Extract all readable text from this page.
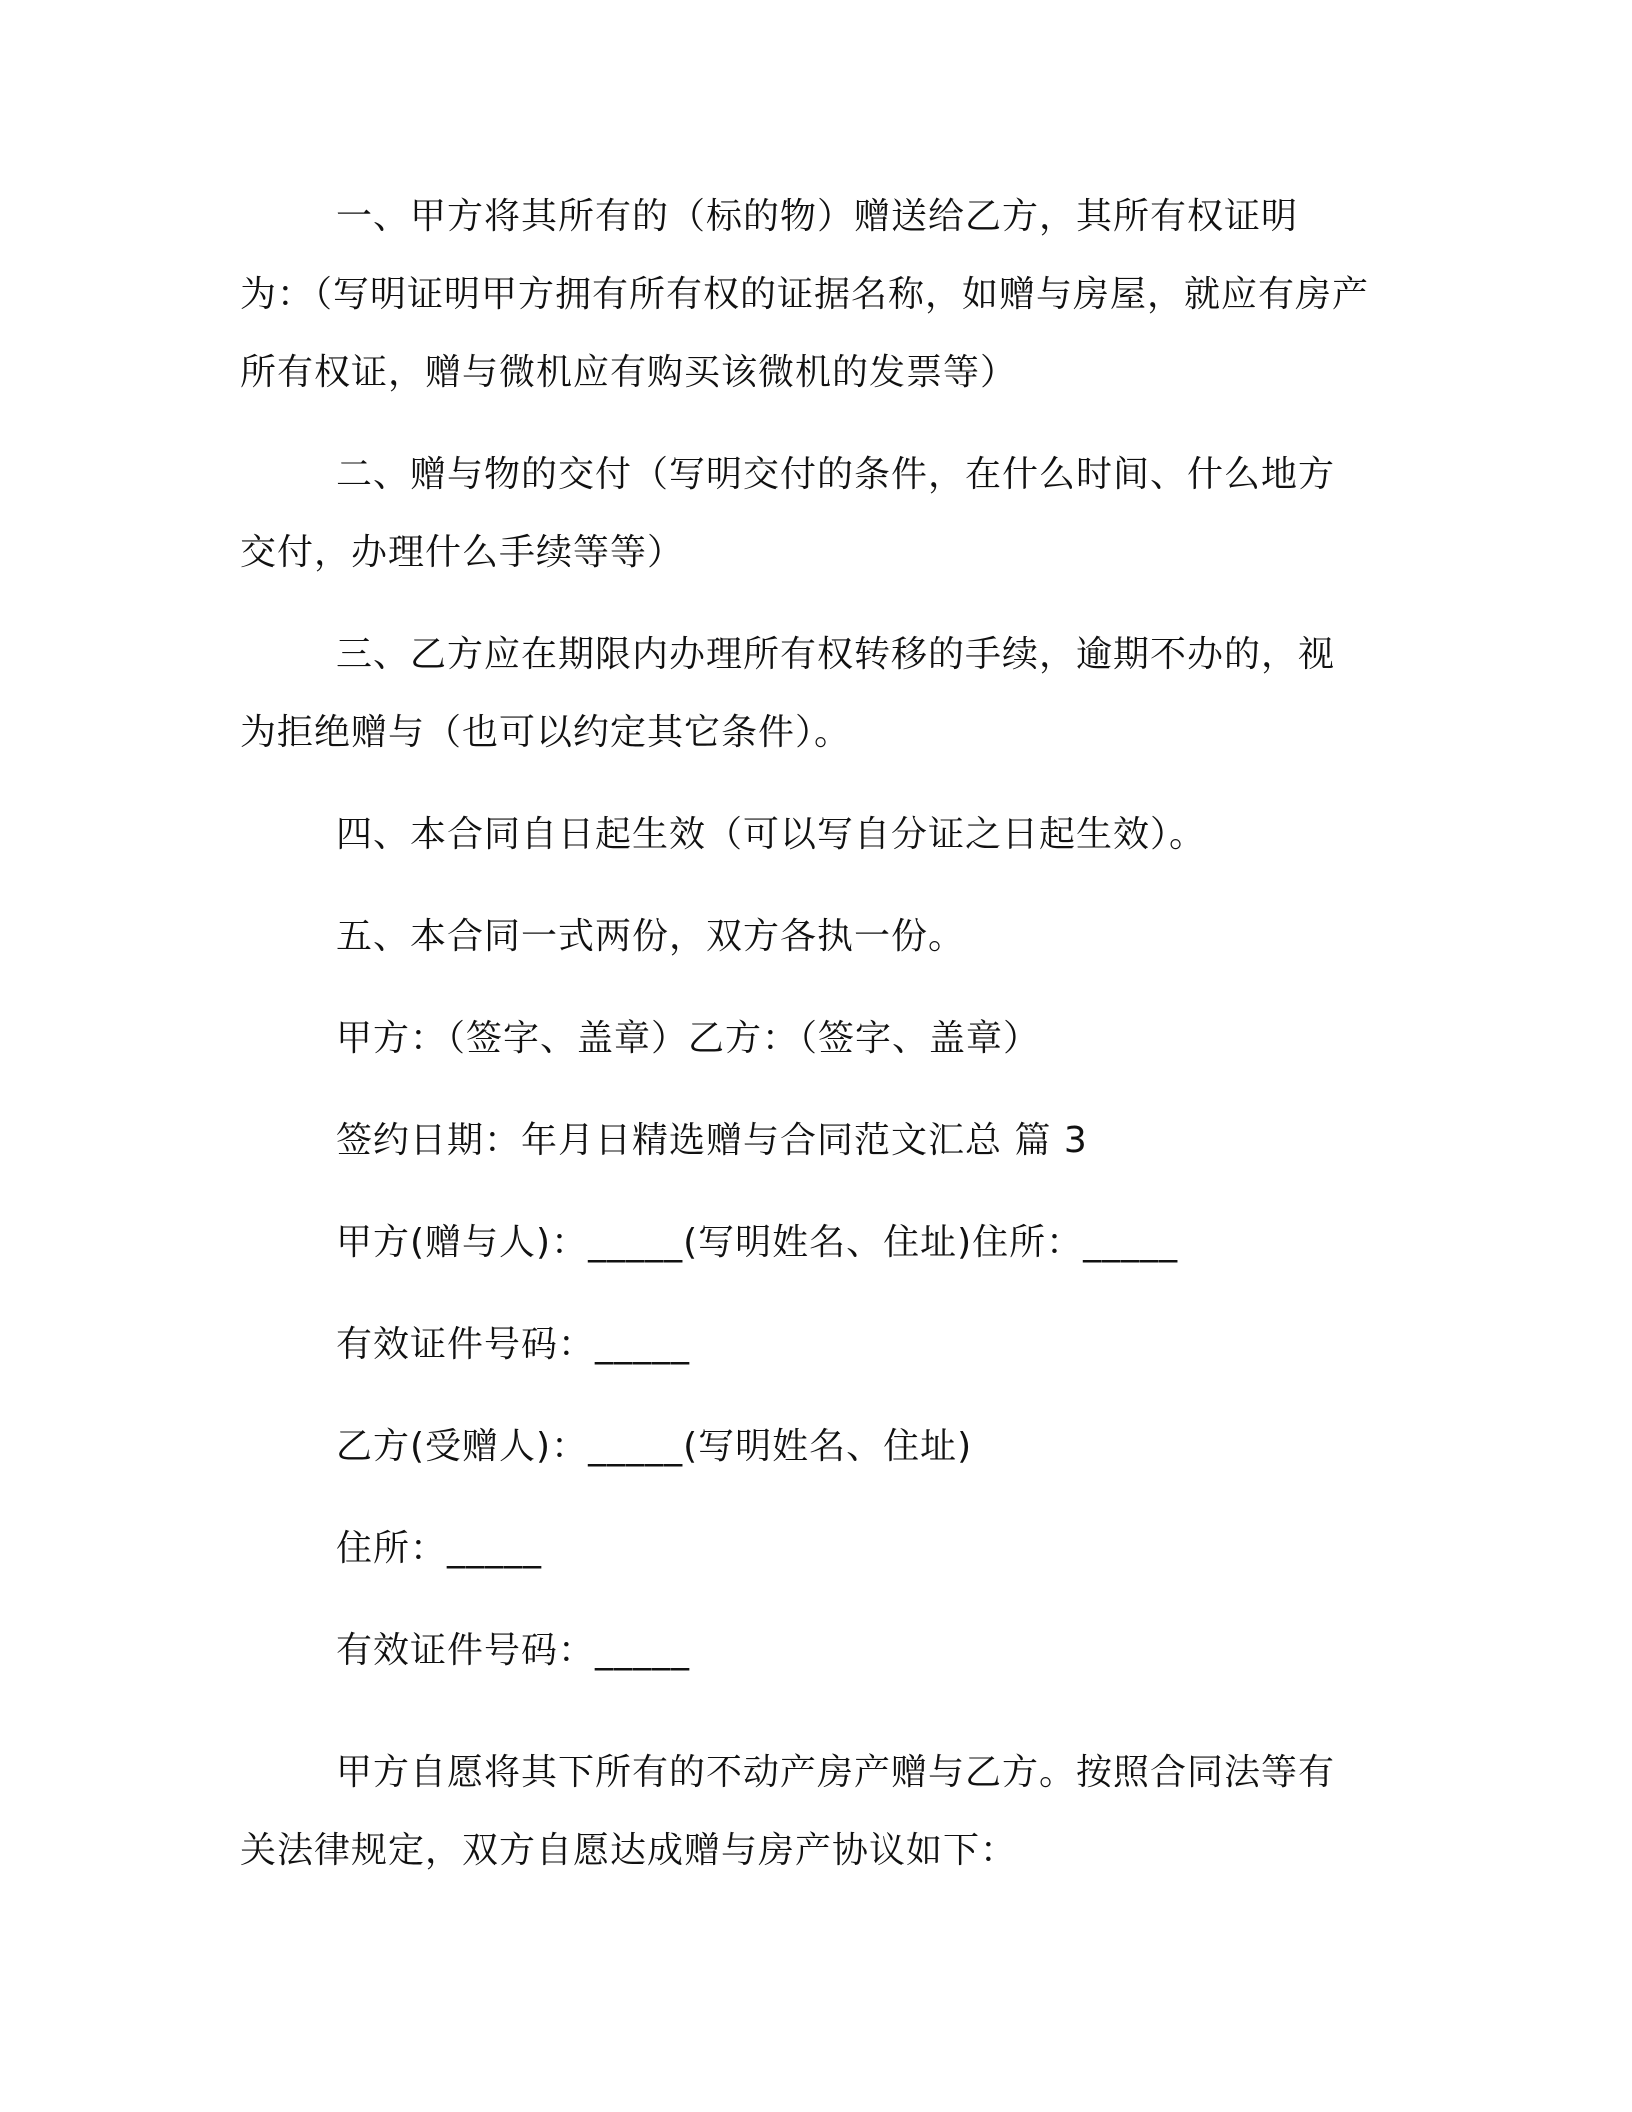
一、甲方将其所有的（标的物）赠送给乙方，其所有权证明为：（写明证明甲方拥有所有权的证据名称，如赠与房屋，就应有房产所有权证，赠与微机应有购买该微机的发票等）

二、赠与物的交付（写明交付的条件，在什么时间、什么地方交付，办理什么手续等等）

三、乙方应在期限内办理所有权转移的手续，逾期不办的，视为拒绝赠与（也可以约定其它条件）。

四、本合同自日起生效（可以写自分证之日起生效）。

五、本合同一式两份，双方各执一份。

甲方：（签字、盖章）乙方：（签字、盖章）

签约日期：年月日精选赠与合同范文汇总 篇 3

甲方(赠与人)：_____(写明姓名、住址)住所：_____

有效证件号码：_____

乙方(受赠人)：_____(写明姓名、住址)

住所：_____

有效证件号码：_____

甲方自愿将其下所有的不动产房产赠与乙方。按照合同法等有关法律规定，双方自愿达成赠与房产协议如下：
